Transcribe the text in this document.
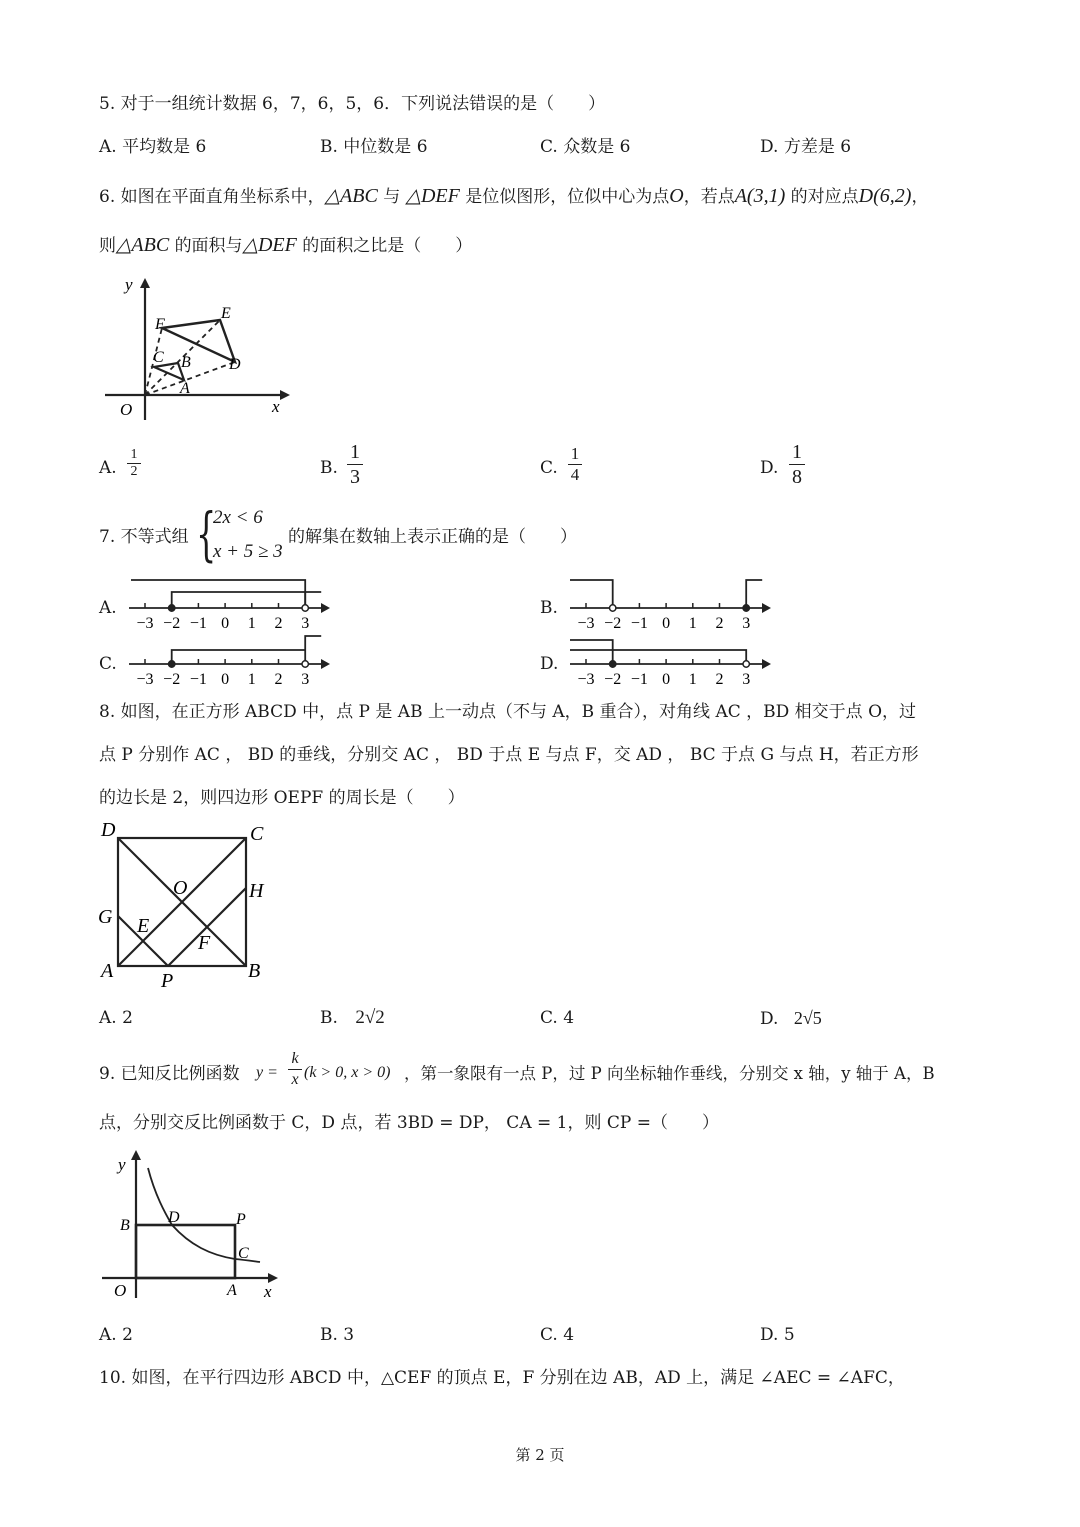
5. 对于一组统计数据 6，7，6，5，6．下列说法错误的是（　　）
A. 平均数是 6	B. 中位数是 6	C. 众数是 6	D. 方差是 6
6. 如图在平面直角坐标系中，△ABC 与 △DEF 是位似图形，位似中心为点O，若点A(3,1) 的对应点D(6,2)，
则△ABC 的面积与△DEF 的面积之比是（　　）
y
x
O
A
B
C	D
E
F
A. $\frac{1}{2}$	B. $\frac{1}{3}$	C. $\frac{1}{4}$	D. $\frac{1}{8}$
7. 不等式组 {
2x < 6
x + 5 ≥ 3
的解集在数轴上表示正确的是（　　）
A.
−3 −2 −1 0 1 2 3
B.
−3 −2 −1 0 1 2 3
C.
−3 −2 −1 0 1 2 3
D.
−3 −2 −1 0 1 2 3
8. 如图，在正方形 ABCD 中，点 P 是 AB 上一动点（不与 A，B 重合），对角线 AC ，BD 相交于点 O，过
点 P 分别作 AC ， BD 的垂线，分别交 AC ， BD 于点 E 与点 F，交 AD ， BC 于点 G 与点 H，若正方形
的边长是 2，则四边形 OEPF 的周长是（　　）
D	C
O	H
G E
F
A P	B
A. 2	B. 2√2	C. 4	D. 2√5
9. 已知反比例函数 $y = \frac{k}{x} (k > 0$, x > 0) ，第一象限有一点 P，过 P 向坐标轴作垂线，分别交 x 轴，y 轴于 A，B
点，分别交反比例函数于 C，D 点，若 3BD = DP， CA = 1，则 CP =（　　）
y
B D	P
C
O	A x
A. 2	B. 3	C. 4	D. 5
10. 如图，在平行四边形 ABCD 中，△CEF 的顶点 E，F 分别在边 AB，AD 上，满足 ∠AEC = ∠AFC，
第 2 页
